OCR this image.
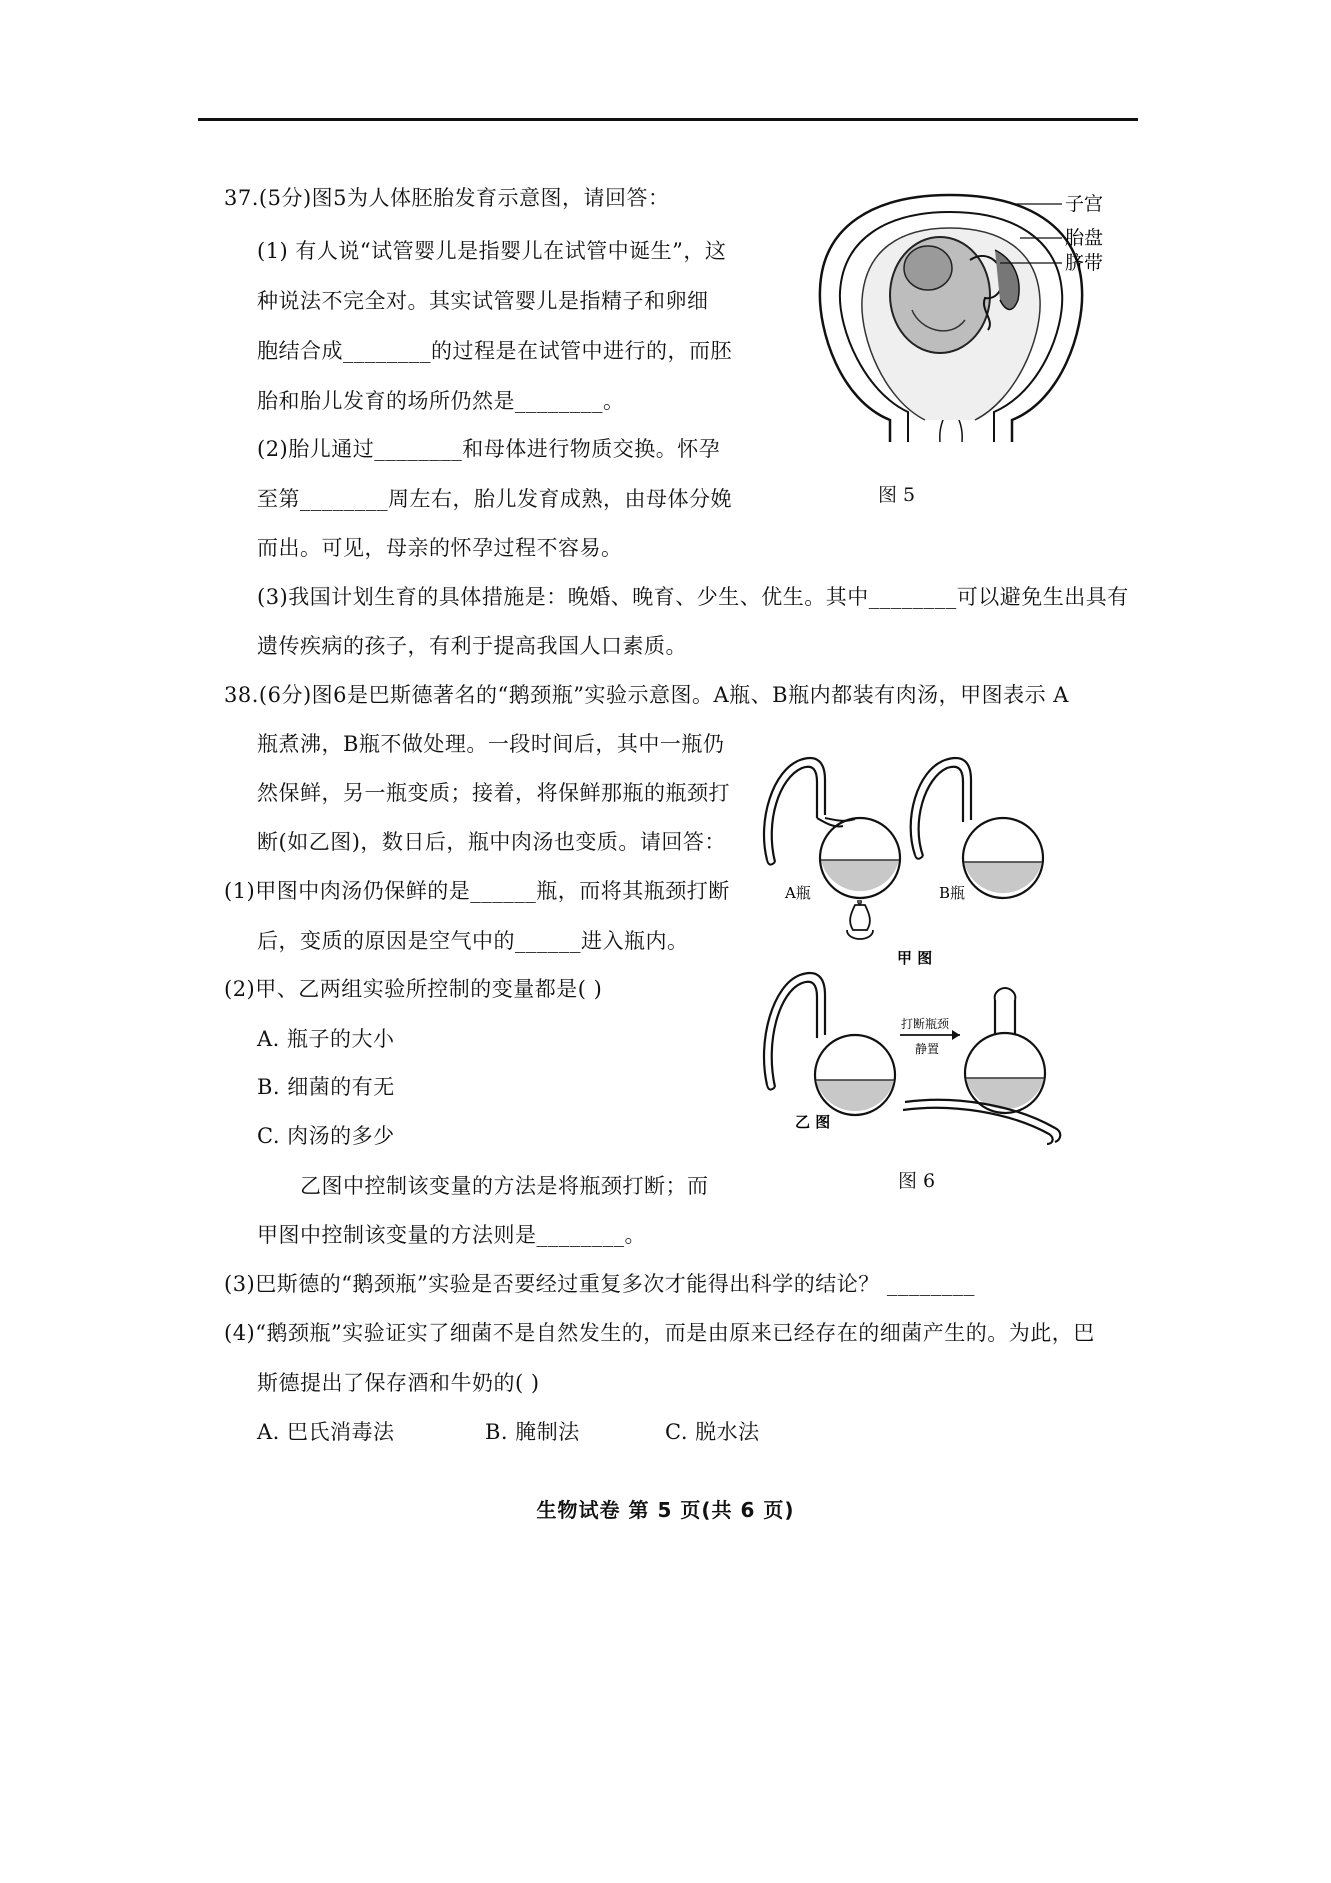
37.(5分)图5为人体胚胎发育示意图，请回答：
(1) 有人说“试管婴儿是指婴儿在试管中诞生”，这
种说法不完全对。其实试管婴儿是指精子和卵细
胞结合成________的过程是在试管中进行的，而胚
胎和胎儿发育的场所仍然是________。
(2)胎儿通过________和母体进行物质交换。怀孕
至第________周左右，胎儿发育成熟，由母体分娩
而出。可见，母亲的怀孕过程不容易。
(3)我国计划生育的具体措施是：晚婚、晚育、少生、优生。其中________可以避免生出具有
遗传疾病的孩子，有利于提高我国人口素质。
子宫
胎盘
脐带
图 5
38.(6分)图6是巴斯德著名的“鹅颈瓶”实验示意图。A瓶、B瓶内都装有肉汤，甲图表示 A
瓶煮沸，B瓶不做处理。一段时间后，其中一瓶仍
然保鲜，另一瓶变质；接着，将保鲜那瓶的瓶颈打
断(如乙图)，数日后，瓶中肉汤也变质。请回答：
(1)甲图中肉汤仍保鲜的是______瓶，而将其瓶颈打断
后，变质的原因是空气中的______进入瓶内。
(2)甲、乙两组实验所控制的变量都是( )
A. 瓶子的大小
B. 细菌的有无
C. 肉汤的多少
乙图中控制该变量的方法是将瓶颈打断；而
甲图中控制该变量的方法则是________。
(3)巴斯德的“鹅颈瓶”实验是否要经过重复多次才能得出科学的结论？ ________
(4)“鹅颈瓶”实验证实了细菌不是自然发生的，而是由原来已经存在的细菌产生的。为此，巴
斯德提出了保存酒和牛奶的( )
A. 巴氏消毒法	B. 腌制法	C. 脱水法
A瓶	B瓶
甲 图
打断瓶颈
静置
乙 图
图 6
生物试卷 第 5 页(共 6 页)
